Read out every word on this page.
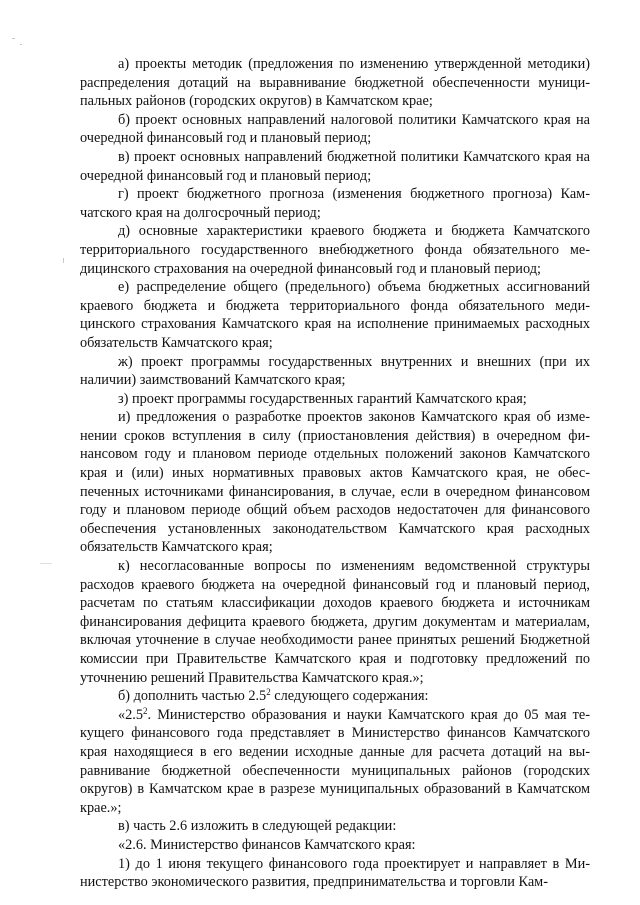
а) проекты методик (предложения по изменению утвержденной методики) распределения дотаций на выравнивание бюджетной обеспеченности муниципальных районов (городских округов) в Камчатском крае;

б) проект основных направлений налоговой политики Камчатского края на очередной финансовый год и плановый период;

в) проект основных направлений бюджетной политики Камчатского края на очередной финансовый год и плановый период;

г) проект бюджетного прогноза (изменения бюджетного прогноза) Камчатского края на долгосрочный период;

д) основные характеристики краевого бюджета и бюджета Камчатского территориального государственного внебюджетного фонда обязательного медицинского страхования на очередной финансовый год и плановый период;

е) распределение общего (предельного) объема бюджетных ассигнований краевого бюджета и бюджета территориального фонда обязательного медицинского страхования Камчатского края на исполнение принимаемых расходных обязательств Камчатского края;

ж) проект программы государственных внутренних и внешних (при их наличии) заимствований Камчатского края;

з) проект программы государственных гарантий Камчатского края;

и) предложения о разработке проектов законов Камчатского края об изменении сроков вступления в силу (приостановления действия) в очередном финансовом году и плановом периоде отдельных положений законов Камчатского края и (или) иных нормативных правовых актов Камчатского края, не обеспеченных источниками финансирования, в случае, если в очередном финансовом году и плановом периоде общий объем расходов недостаточен для финансового обеспечения установленных законодательством Камчатского края расходных обязательств Камчатского края;

к) несогласованные вопросы по изменениям ведомственной структуры расходов краевого бюджета на очередной финансовый год и плановый период, расчетам по статьям классификации доходов краевого бюджета и источникам финансирования дефицита краевого бюджета, другим документам и материалам, включая уточнение в случае необходимости ранее принятых решений Бюджетной комиссии при Правительстве Камчатского края и подготовку предложений по уточнению решений Правительства Камчатского края.»;

б) дополнить частью $2.5^2$ следующего содержания:

«$2.5^2$. Министерство образования и науки Камчатского края до 05 мая текущего финансового года представляет в Министерство финансов Камчатского края находящиеся в его ведении исходные данные для расчета дотаций на выравнивание бюджетной обеспеченности муниципальных районов (городских округов) в Камчатском крае в разрезе муниципальных образований в Камчатском крае.»;

в) часть 2.6 изложить в следующей редакции:

«2.6. Министерство финансов Камчатского края:

1) до 1 июня текущего финансового года проектирует и направляет в Министерство экономического развития, предпринимательства и торговли Кам-
